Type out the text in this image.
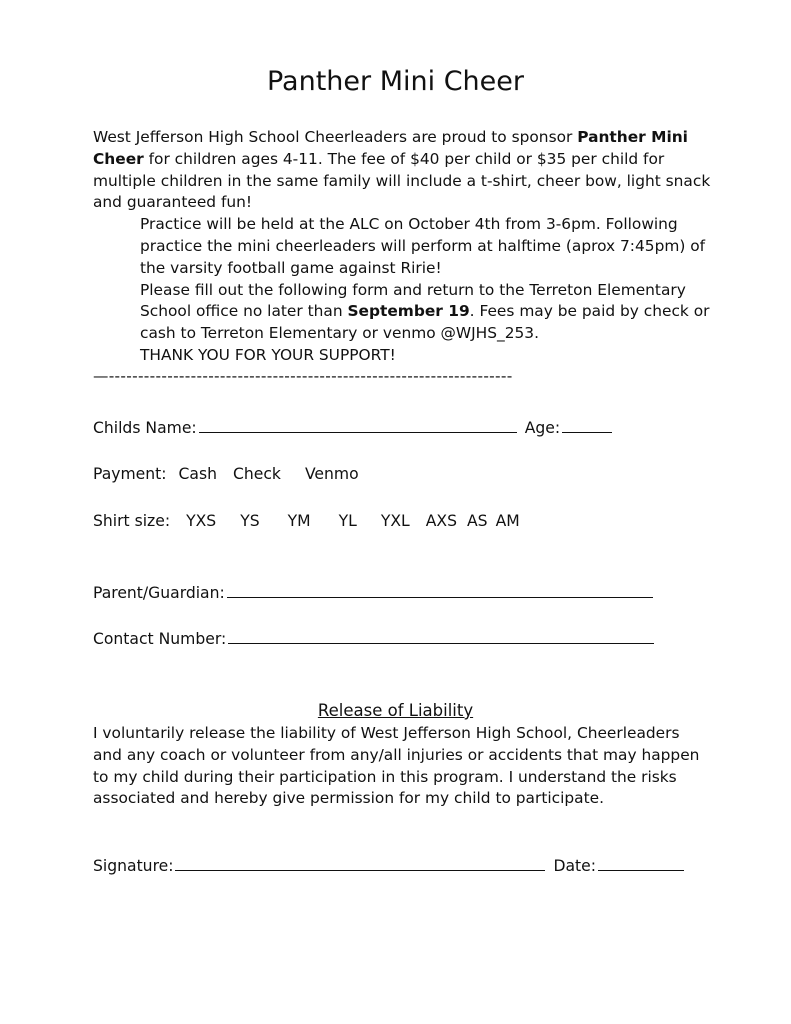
Panther Mini Cheer

West Jefferson High School Cheerleaders are proud to sponsor Panther Mini Cheer for children ages 4-11. The fee of $40 per child or $35 per child for multiple children in the same family will include a t-shirt, cheer bow, light snack and guaranteed fun!

Practice will be held at the ALC on October 4th from 3-6pm. Following practice the mini cheerleaders will perform at halftime (aprox 7:45pm) of the varsity football game against Ririe!

Please fill out the following form and return to the Terreton Elementary School office no later than September 19. Fees may be paid by check or cash to Terreton Elementary or venmo @WJHS_253.

THANK YOU FOR YOUR SUPPORT!

—---------------------------------------------------------------------
Childs Name:	Age:
Payment: Cash Check Venmo
Shirt size: YXS YS YM YL YXL AXS AS AM
Parent/Guardian:
Contact Number:
Release of Liability
I voluntarily release the liability of West Jefferson High School, Cheerleaders and any coach or volunteer from any/all injuries or accidents that may happen to my child during their participation in this program. I understand the risks associated and hereby give permission for my child to participate.
Signature:	Date:
